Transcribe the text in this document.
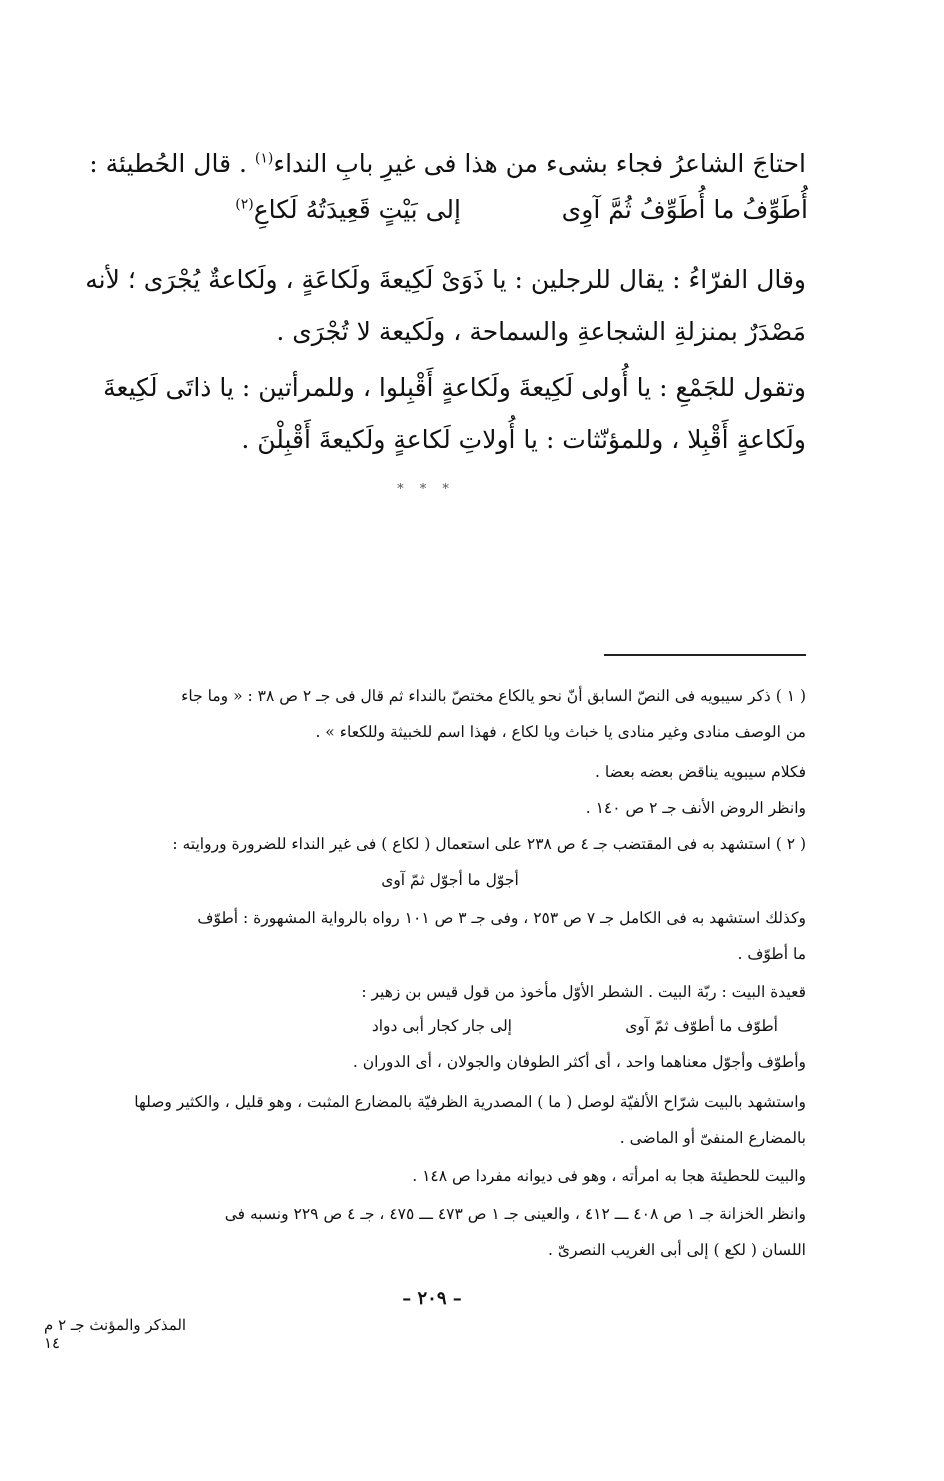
احتاجَ الشاعرُ فجاء بشىء من هذا فى غيرِ بابِ النداء$^{(١)}$ . قال الحُطيئة :
أُطَوِّفُ ما أُطَوِّفُ ثُمَّ آوِى
إلى بَيْتٍ قَعِيدَتُهُ لَكاعِ$^{(٢)}$
وقال الفرّاءُ : يقال للرجلين : يا ذَوَىْ لَكِيعةَ ولَكاعَةٍ ، ولَكاعةٌ يُجْرَى ؛ لأنه
مَصْدَرٌ بمنزلةِ الشجاعةِ والسماحة ، ولَكيعة لا تُجْرَى .
وتقول للجَمْعِ : يا أُولى لَكِيعةَ ولَكاعةٍ أَقْبِلوا ، وللمرأتين : يا ذاتَى لَكِيعةَ
ولَكاعةٍ أَقْبِلا ، وللمؤنّثات : يا أُولاتِ لَكاعةٍ ولَكيعةَ أَقْبِلْنَ .
* * *
( ١ ) ذكر سيبويه فى النصّ السابق أنّ نحو يالكاع مختصّ بالنداء ثم قال فى جـ ٢ ص ٣٨ : « وما جاء
من الوصف منادى وغير منادى يا خباث ويا لكاع ، فهذا اسم للخبيثة وللكعاء » .
فكلام سيبويه يناقض بعضه بعضا .
وانظر الروض الأنف جـ ٢ ص ١٤٠ .
( ٢ ) استشهد به فى المقتضب جـ ٤ ص ٢٣٨ على استعمال ( لكاع ) فى غير النداء للضرورة وروايته :
أجوّل ما أجوّل ثمّ آوى
وكذلك استشهد به فى الكامل جـ ٧ ص ٢٥٣ ، وفى جـ ٣ ص ١٠١ رواه بالرواية المشهورة : أطوّف
ما أطوّف .
قعيدة البيت : ربّة البيت . الشطر الأوّل مأخوذ من قول قيس بن زهير :
أطوّف ما أطوّف ثمّ آوى
إلى جار كجار أبى دواد
وأطوّف وأجوّل معناهما واحد ، أى أكثر الطوفان والجولان ، أى الدوران .
واستشهد بالبيت شرّاح الألفيّة لوصل ( ما ) المصدرية الظرفيّة بالمضارع المثبت ، وهو قليل ، والكثير وصلها
بالمضارع المنفىّ أو الماضى .
والبيت للحطيئة هجا به امرأته ، وهو فى ديوانه مفردا ص ١٤٨ .
وانظر الخزانة جـ ١ ص ٤٠٨ ـــ ٤١٢ ، والعينى جـ ١ ص ٤٧٣ ـــ ٤٧٥ ، جـ ٤ ص ٢٢٩ ونسبه فى
اللسان ( لكع ) إلى أبى الغريب النصرىّ .
– ٢٠٩ –
المذكر والمؤنث جـ ٢ م ١٤
